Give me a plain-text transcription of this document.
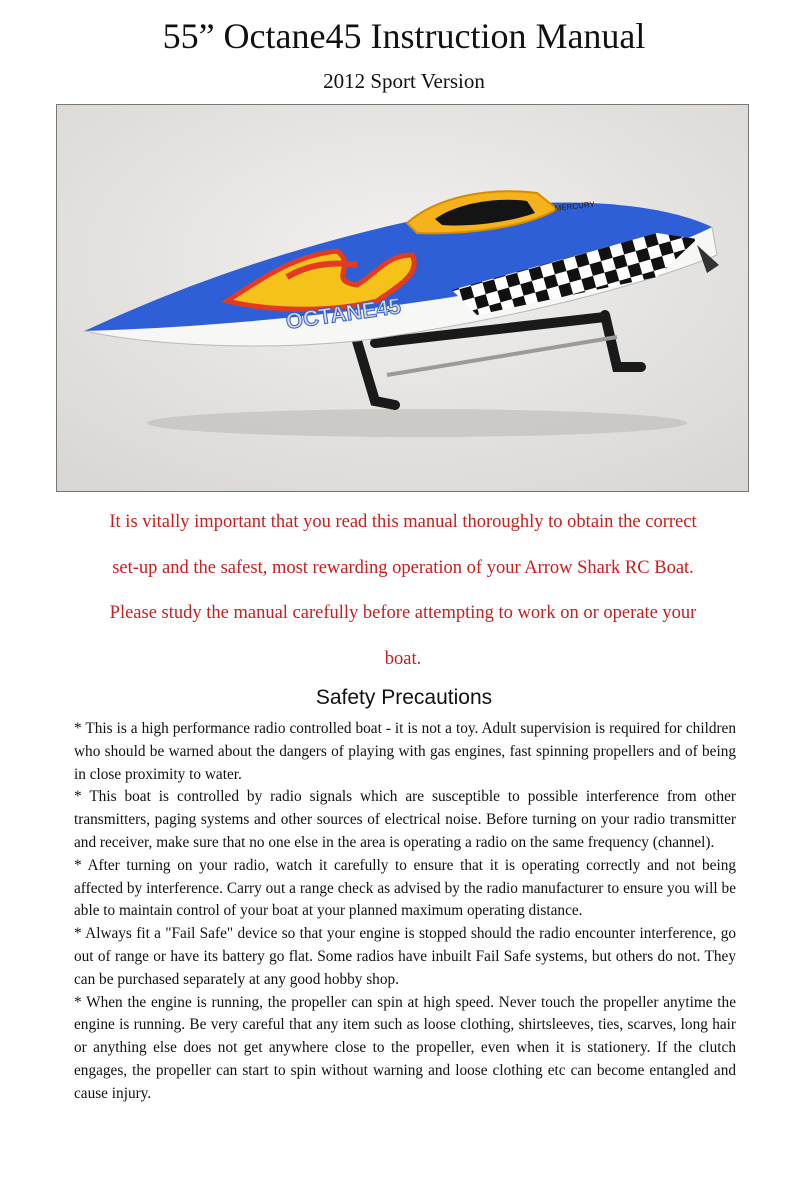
55” Octane45 Instruction Manual
2012 Sport Version
OCTANE45
MERCURY
It is vitally important that you read this manual thoroughly to obtain the correct
set-up and the safest, most rewarding operation of your Arrow Shark RC Boat.
Please study the manual carefully before attempting to work on or operate your
boat.
Safety Precautions

* This is a high performance radio controlled boat - it is not a toy. Adult supervision is required for children who should be warned about the dangers of playing with gas engines, fast spinning propellers and of being in close proximity to water.

* This boat is controlled by radio signals which are susceptible to possible interference from other transmitters, paging systems and other sources of electrical noise. Before turning on your radio transmitter and receiver, make sure that no one else in the area is operating a radio on the same frequency (channel).

* After turning on your radio, watch it carefully to ensure that it is operating correctly and not being affected by interference. Carry out a range check as advised by the radio manufacturer to ensure you will be able to maintain control of your boat at your planned maximum operating distance.

* Always fit a "Fail Safe" device so that your engine is stopped should the radio encounter interference, go out of range or have its battery go flat. Some radios have inbuilt Fail Safe systems, but others do not. They can be purchased separately at any good hobby shop.

* When the engine is running, the propeller can spin at high speed. Never touch the propeller anytime the engine is running. Be very careful that any item such as loose clothing, shirtsleeves, ties, scarves, long hair or anything else does not get anywhere close to the propeller, even when it is stationery. If the clutch engages, the propeller can start to spin without warning and loose clothing etc can become entangled and cause injury.
